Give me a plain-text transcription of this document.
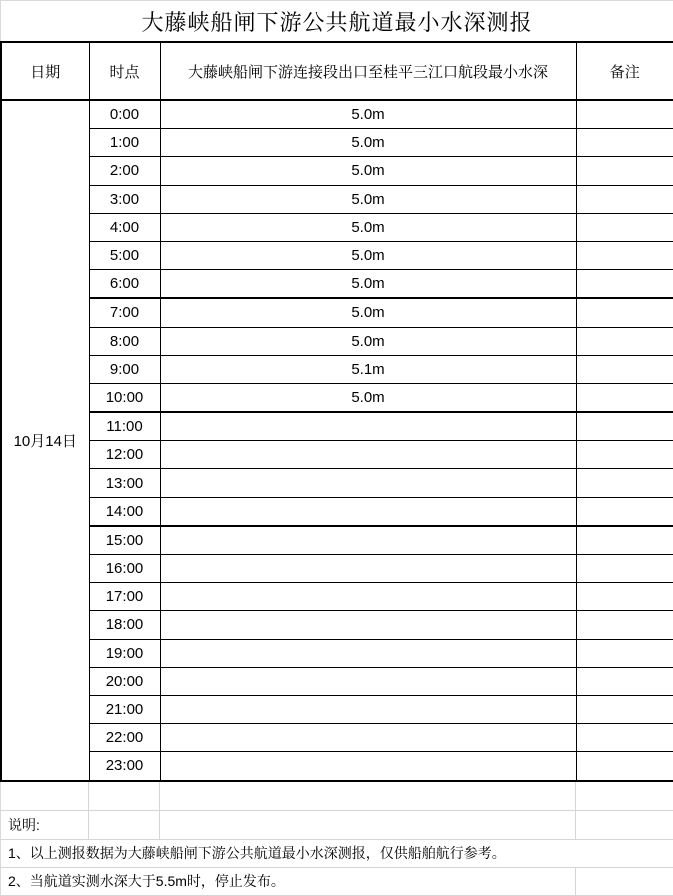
大藤峡船闸下游公共航道最小水深测报
日期	时点	大藤峡船闸下游连接段出口至桂平三江口航段最小水深	备注
10月14日	0:00	5.0m	
	1:00	5.0m	
	2:00	5.0m	
	3:00	5.0m	
	4:00	5.0m	
	5:00	5.0m	
	6:00	5.0m	
	7:00	5.0m	
	8:00	5.0m	
	9:00	5.1m	
	10:00	5.0m	
	11:00		
	12:00		
	13:00		
	14:00		
	15:00		
	16:00		
	17:00		
	18:00		
	19:00		
	20:00		
	21:00		
	22:00		
	23:00		
说明:
1、以上测报数据为大藤峡船闸下游公共航道最小水深测报，仅供船舶航行参考。
2、当航道实测水深大于5.5m时，停止发布。
